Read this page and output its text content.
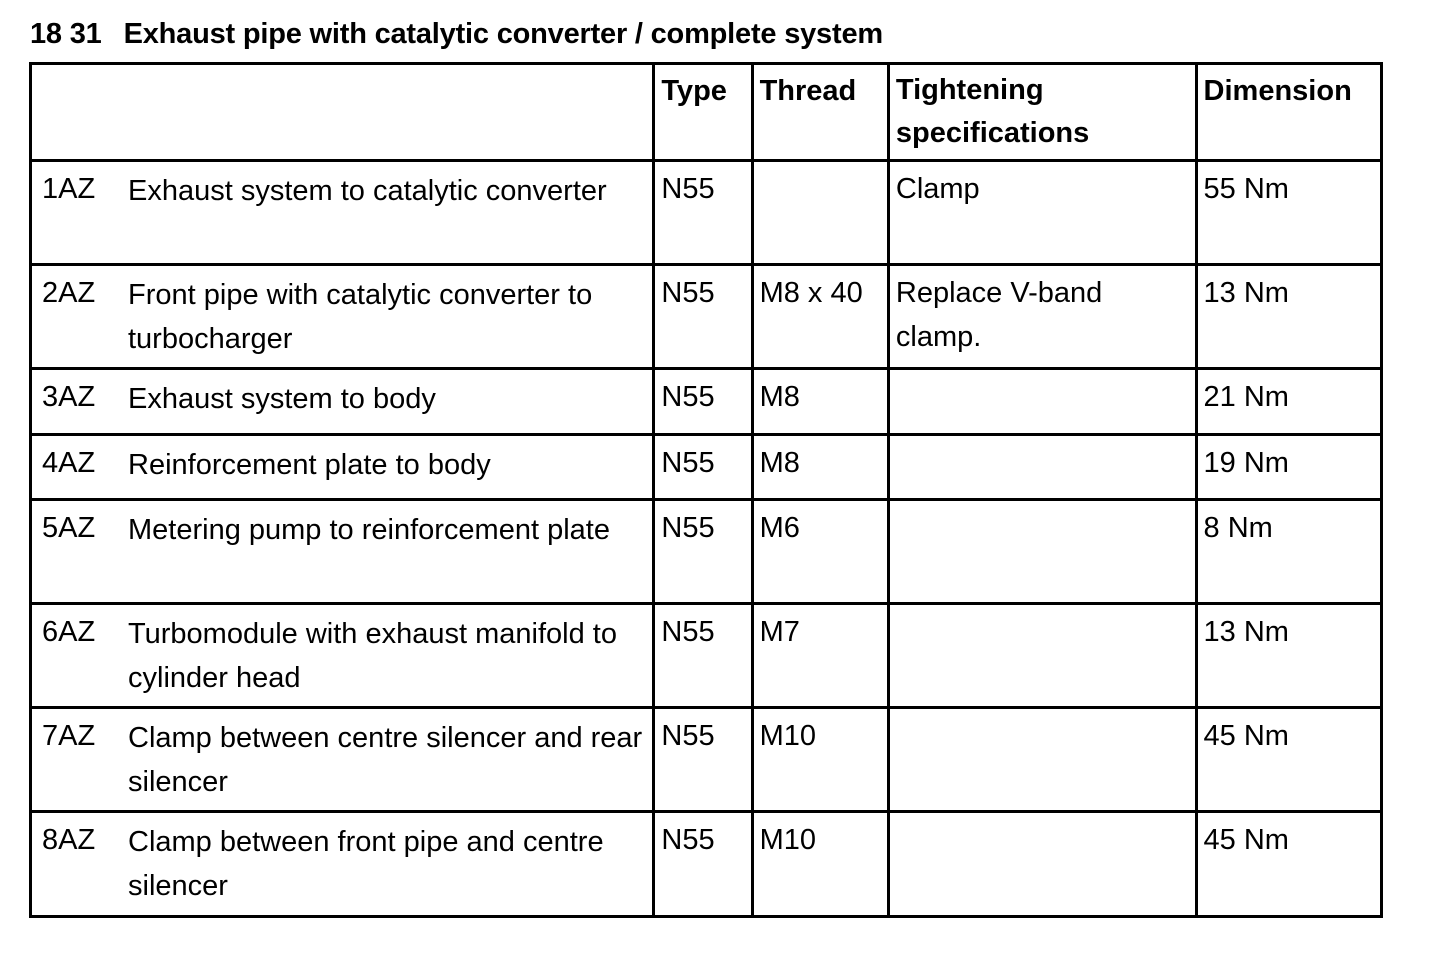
18 31 Exhaust pipe with catalytic converter / complete system
	Type	Thread	Tightening specifications	Dimension

1AZ Exhaust system to catalytic converter	N55		Clamp	55 Nm

2AZ Front pipe with catalytic converter to turbocharger	N55	M8 x 40	Replace V-band clamp.	13 Nm

3AZ Exhaust system to body	N55	M8		21 Nm

4AZ Reinforcement plate to body	N55	M8		19 Nm

5AZ Metering pump to reinforcement plate	N55	M6		8 Nm

6AZ Turbomodule with exhaust manifold to cylinder head	N55	M7		13 Nm

7AZ Clamp between centre silencer and rear silencer	N55	M10		45 Nm

8AZ Clamp between front pipe and centre silencer	N55	M10		45 Nm
